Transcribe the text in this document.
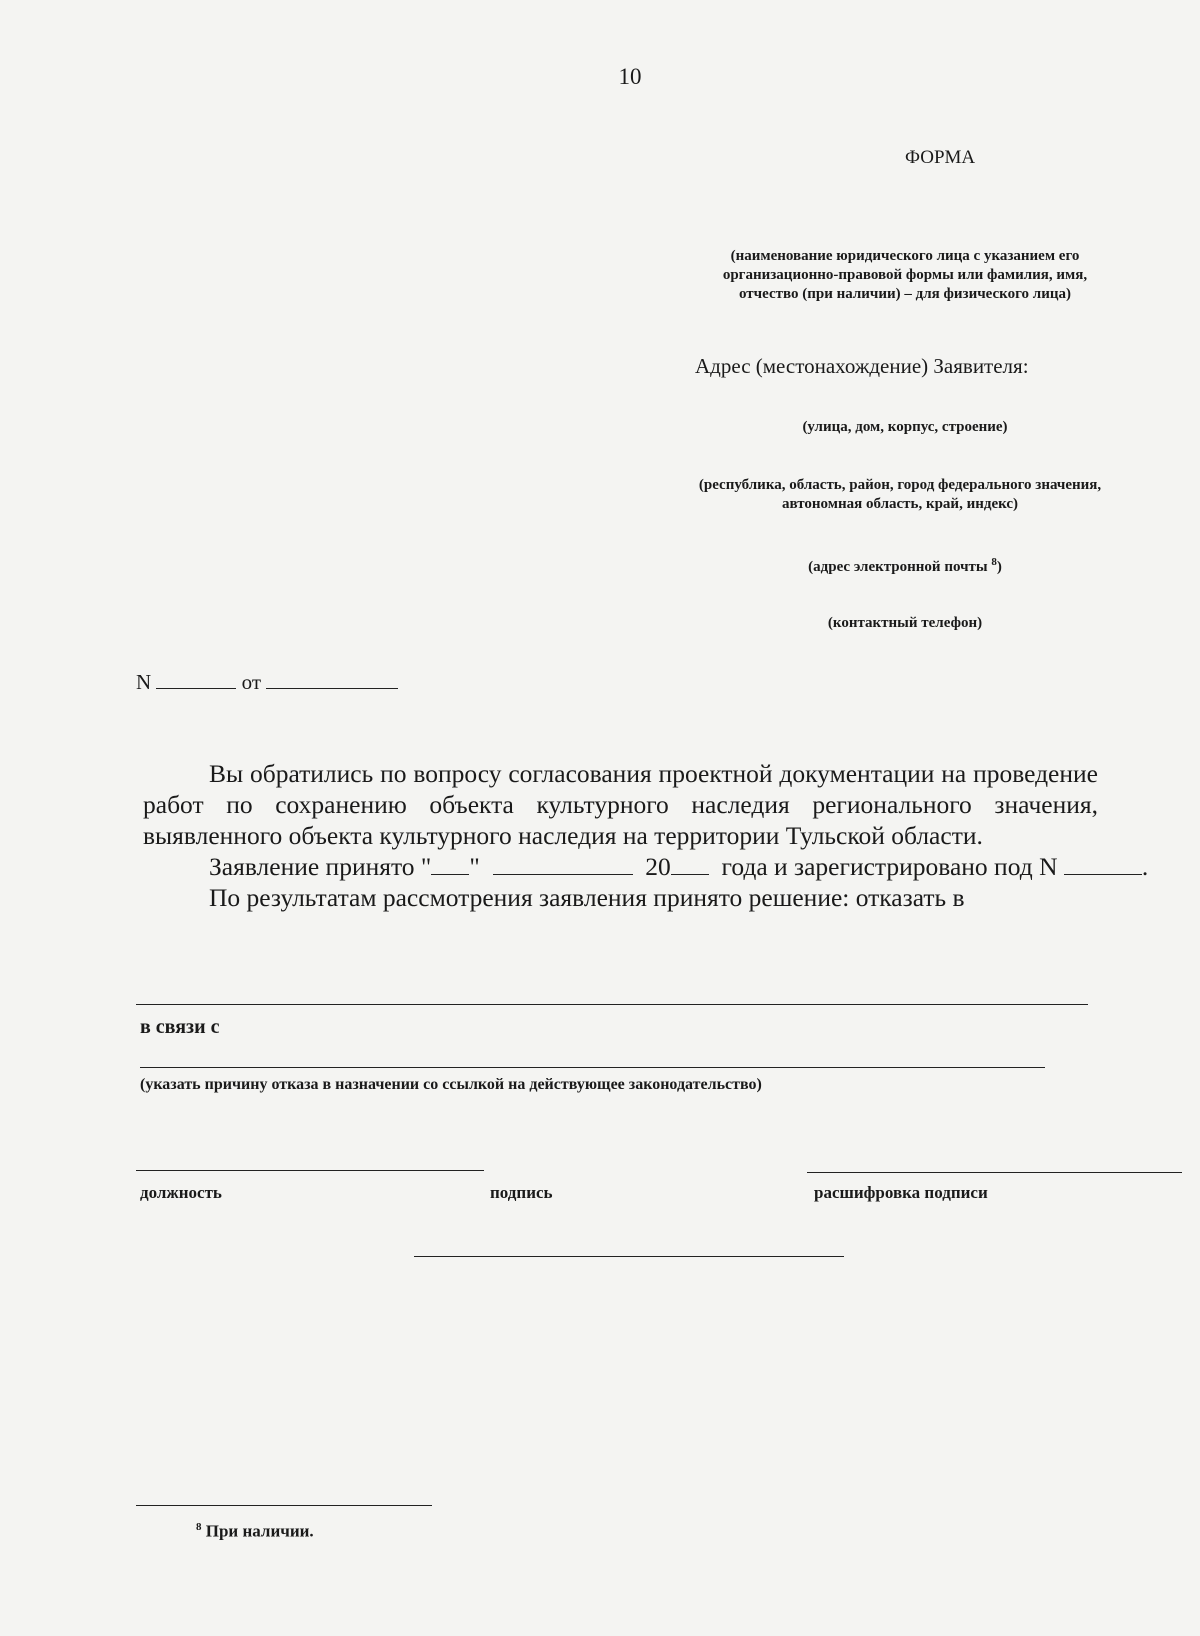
10
ФОРМА
(наименование юридического лица с указанием его организационно-правовой формы или фамилия, имя, отчество (при наличии) – для физического лица)
Адрес (местонахождение) Заявителя:
(улица, дом, корпус, строение)
(республика, область, район, город федерального значения, автономная область, край, индекс)
(адрес электронной почты $^8$)
(контактный телефон)
N	от

Вы обратились по вопросу согласования проектной документации на проведение работ по сохранению объекта культурного наследия регионального значения, выявленного объекта культурного наследия на территории Тульской области.

Заявление принято " "	20 года и зарегистрировано под N	.

По результатам рассмотрения заявления принято решение: отказать в

в связи с
(указать причину отказа в назначении со ссылкой на действующее законодательство)
должность	подпись	расшифровка подписи
$^8$ При наличии.
